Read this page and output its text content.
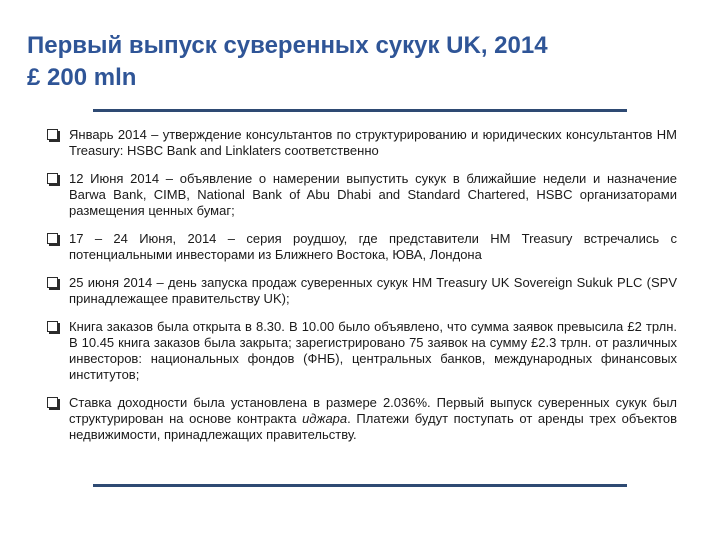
Первый выпуск суверенных сукук UK, 2014
£ 200 mln
Январь 2014 – утверждение консультантов по структурированию и юридических консультантов HM Treasury: HSBC Bank and Linklaters соответственно
12 Июня 2014 – объявление о намерении выпустить сукук в ближайшие недели и назначение Barwa Bank, CIMB, National Bank of Abu Dhabi and Standard Chartered, HSBC организаторами размещения ценных бумаг;
17 – 24 Июня, 2014 – серия роудшоу, где представители HM Treasury встречались с потенциальными инвесторами из Ближнего Востока, ЮВА, Лондона
25 июня 2014 – день запуска продаж суверенных сукук HM Treasury UK Sovereign Sukuk PLC (SPV принадлежащее правительству UK);
Книга заказов была открыта в 8.30. В 10.00 было объявлено, что сумма заявок превысила £2 трлн. В 10.45 книга заказов была закрыта; зарегистрировано 75 заявок на сумму £2.3 трлн. от различных инвесторов: национальных фондов (ФНБ), центральных банков, международных финансовых институтов;
Ставка доходности была установлена в размере 2.036%. Первый выпуск суверенных сукук был структурирован на основе контракта иджара. Платежи будут поступать от аренды трех объектов недвижимости, принадлежащих правительству.
